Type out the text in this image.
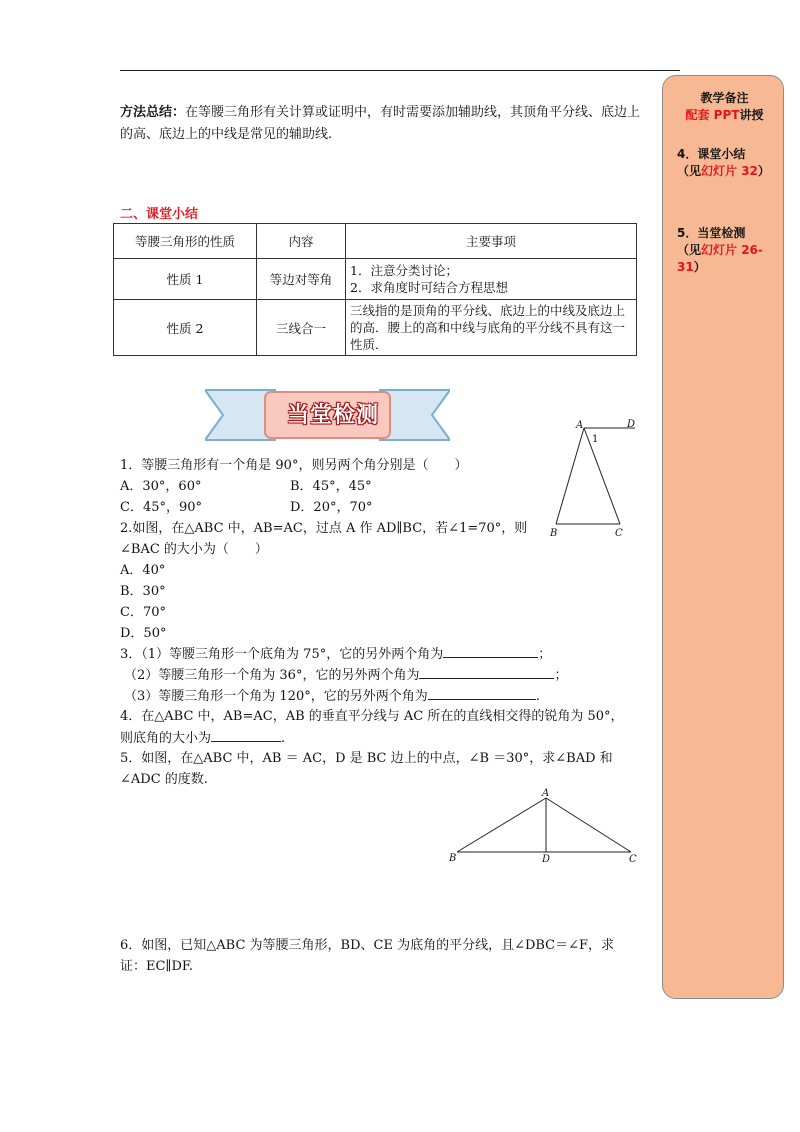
方法总结：在等腰三角形有关计算或证明中，有时需要添加辅助线，其顶角平分线、底边上的高、底边上的中线是常见的辅助线.
二、课堂小结
等腰三角形的性质	内容	主要事项
性质 1	等边对等角	1．注意分类讨论；
2．求角度时可结合方程思想

性质 2	三线合一	三线指的是顶角的平分线、底边上的中线及底边上的高．腰上的高和中线与底角的平分线不具有这一性质．
当堂检测
1．等腰三角形有一个角是 90°，则另两个角分别是（　　）
A．30°，60°	B．45°，45°
C．45°，90°	D．20°，70°
2.如图，在△ABC 中，AB=AC，过点 A 作 AD∥BC，若∠1=70°，则
∠BAC 的大小为（　　）
A．40°
B．30°
C．70°
D．50°
A	D
1
B	C
3．（1）等腰三角形一个底角为 75°，它的另外两个角为	；
（2）等腰三角形一个角为 36°，它的另外两个角为	；
（3）等腰三角形一个角为 120°，它的另外两个角为	.
4．在△ABC 中，AB=AC，AB 的垂直平分线与 AC 所在的直线相交得的锐角为 50°，
则底角的大小为	.
5．如图，在△ABC 中，AB ＝ AC，D 是 BC 边上的中点，∠B ＝30°，求∠BAD 和
∠ADC 的度数.
A
B	D	C
6．如图，已知△ABC 为等腰三角形，BD、CE 为底角的平分线，且∠DBC＝∠F，求
证：EC∥DF.
教学备注
配套 PPT讲授
4．课堂小结
（见幻灯片 32）
5．当堂检测
（见幻灯片 26-31）
